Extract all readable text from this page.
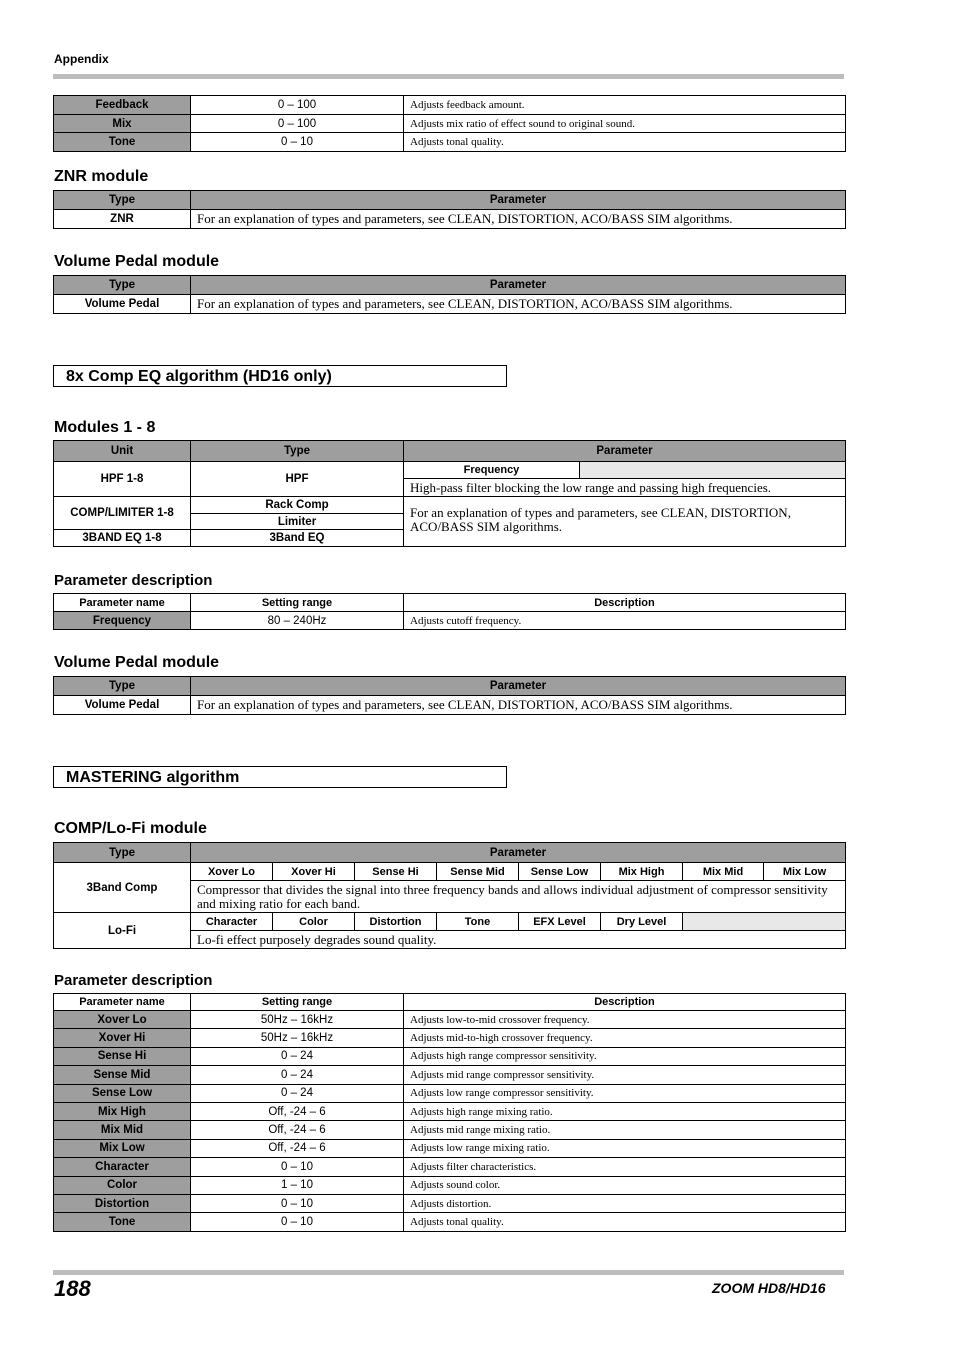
Appendix
Feedback	0 – 100	Adjusts feedback amount.
Mix	0 – 100	Adjusts mix ratio of effect sound to original sound.
Tone	0 – 10	Adjusts tonal quality.
ZNR module
Type	Parameter
ZNR	For an explanation of types and parameters, see CLEAN, DISTORTION, ACO/BASS SIM algorithms.
Volume Pedal module
Type	Parameter
Volume Pedal	For an explanation of types and parameters, see CLEAN, DISTORTION, ACO/BASS SIM algorithms.
8x Comp EQ algorithm (HD16 only)
Modules 1 - 8
Unit	Type	Parameter	
HPF 1-8	HPF	Frequency	
		High-pass filter blocking the low range and passing high frequencies.	
COMP/LIMITER 1-8	Rack Comp	For an explanation of types and parameters, see CLEAN, DISTORTION, ACO/BASS SIM algorithms.	
	Limiter		
3BAND EQ 1-8	3Band EQ		
Parameter description
Parameter name	Setting range	Description
Frequency	80 – 240Hz	Adjusts cutoff frequency.
Volume Pedal module
Type	Parameter
Volume Pedal	For an explanation of types and parameters, see CLEAN, DISTORTION, ACO/BASS SIM algorithms.
MASTERING algorithm
COMP/Lo-Fi module
Type	Parameter							
3Band Comp	Xover Lo	Xover Hi	Sense Hi	Sense Mid	Sense Low	Mix High	Mix Mid	Mix Low
	Compressor that divides the signal into three frequency bands and allows individual adjustment of compressor sensitivity and mixing ratio for each band.							
Lo-Fi	Character	Color	Distortion	Tone	EFX Level	Dry Level		
	Lo-fi effect purposely degrades sound quality.							
Parameter description
Parameter name	Setting range	Description
Xover Lo	50Hz – 16kHz	Adjusts low-to-mid crossover frequency.
Xover Hi	50Hz – 16kHz	Adjusts mid-to-high crossover frequency.
Sense Hi	0 – 24	Adjusts high range compressor sensitivity.
Sense Mid	0 – 24	Adjusts mid range compressor sensitivity.
Sense Low	0 – 24	Adjusts low range compressor sensitivity.
Mix High	Off, -24 – 6	Adjusts high range mixing ratio.
Mix Mid	Off, -24 – 6	Adjusts mid range mixing ratio.
Mix Low	Off, -24 – 6	Adjusts low range mixing ratio.
Character	0 – 10	Adjusts filter characteristics.
Color	1 – 10	Adjusts sound color.
Distortion	0 – 10	Adjusts distortion.
Tone	0 – 10	Adjusts tonal quality.
188	ZOOM HD8/HD16
